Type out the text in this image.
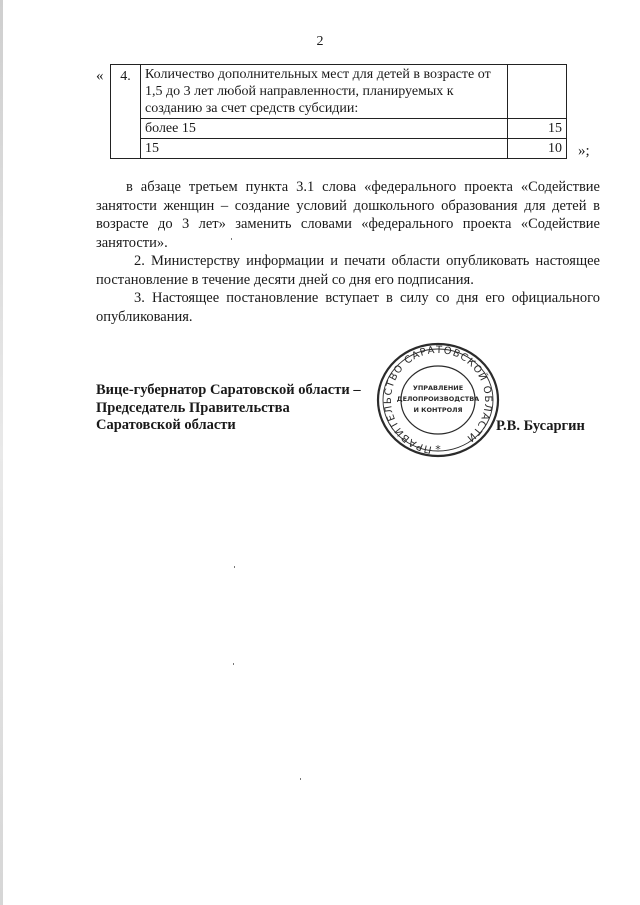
2
« 4.	Количество дополнительных мест для детей в возрасте от 1,5 до 3 лет любой направленности, планируемых к созданию за счет средств субсидии:	
	более 15	15
	15	10 »;
в абзаце третьем пункта 3.1 слова «федерального проекта «Содействие занятости женщин – создание условий дошкольного образования для детей в возрасте до 3 лет» заменить словами «федерального проекта «Содействие занятости».
2. Министерству информации и печати области опубликовать настоящее постановление в течение десяти дней со дня его подписания.
3. Настоящее постановление вступает в силу со дня его официального опубликования.
Вице-губернатор Саратовской области –
Председатель Правительства
Саратовской области
ПРАВИТЕЛЬСТВО САРАТОВСКОЙ ОБЛАСТИ
УПРАВЛЕНИЕ
ДЕЛОПРОИЗВОДСТВА
И КОНТРОЛЯ
*
Р.В. Бусаргин
